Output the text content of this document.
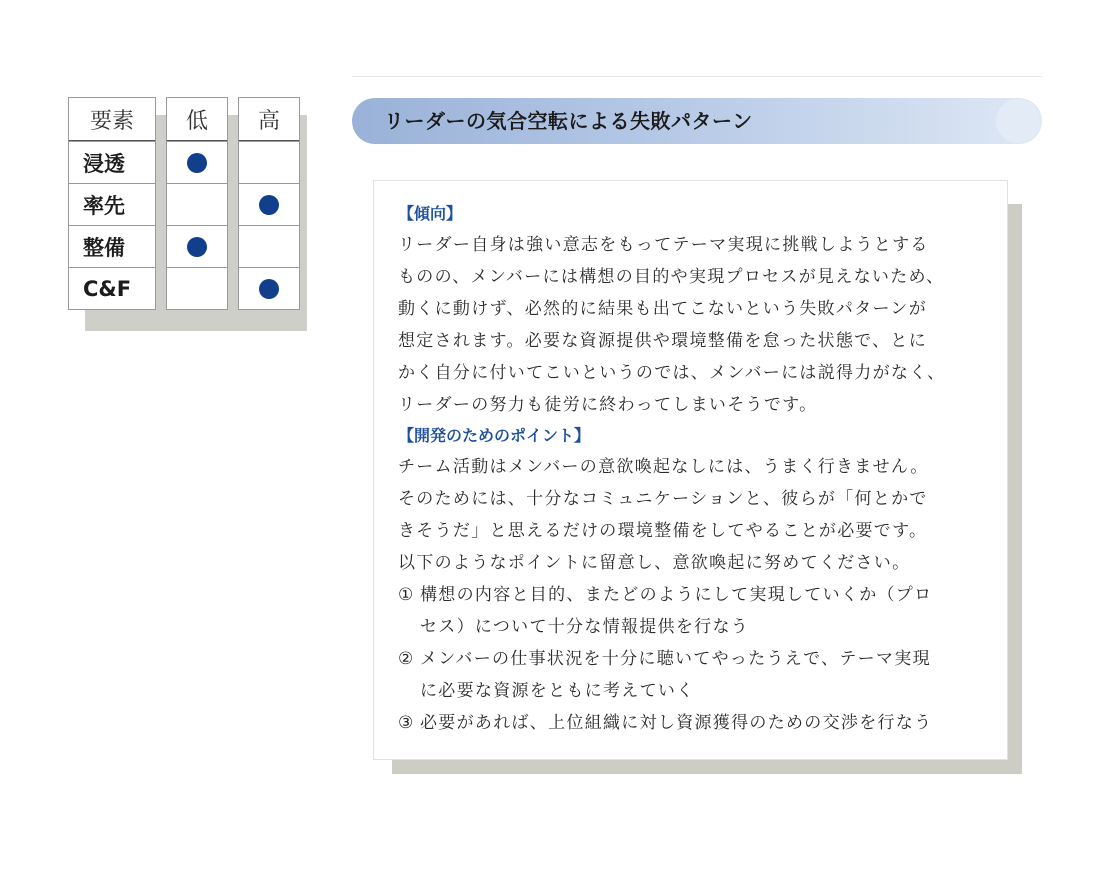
要素	低	高
浸透
率先
整備
C&F
リーダーの気合空転による失敗パターン
【傾向】
リーダー自身は強い意志をもってテーマ実現に挑戦しようとする
ものの、メンバーには構想の目的や実現プロセスが見えないため、
動くに動けず、必然的に結果も出てこないという失敗パターンが
想定されます。必要な資源提供や環境整備を怠った状態で、とに
かく自分に付いてこいというのでは、メンバーには説得力がなく、
リーダーの努力も徒労に終わってしまいそうです。
【開発のためのポイント】
チーム活動はメンバーの意欲喚起なしには、うまく行きません。
そのためには、十分なコミュニケーションと、彼らが「何とかで
きそうだ」と思えるだけの環境整備をしてやることが必要です。
以下のようなポイントに留意し、意欲喚起に努めてください。
① 構想の内容と目的、またどのようにして実現していくか（プロ
セス）について十分な情報提供を行なう
② メンバーの仕事状況を十分に聴いてやったうえで、テーマ実現
に必要な資源をともに考えていく
③ 必要があれば、上位組織に対し資源獲得のための交渉を行なう
